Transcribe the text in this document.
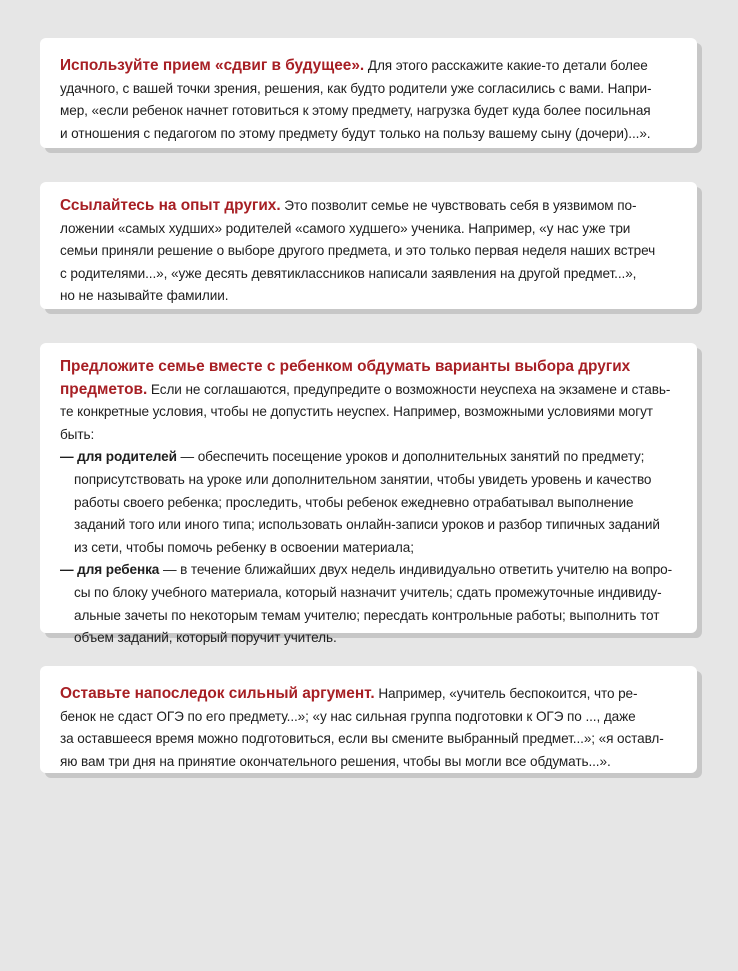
Используйте прием «сдвиг в будущее». Для этого расскажите какие-то детали более
удачного, с вашей точки зрения, решения, как будто родители уже согласились с вами. Напри-
мер, «если ребенок начнет готовиться к этому предмету, нагрузка будет куда более посильная
и отношения с педагогом по этому предмету будут только на пользу вашему сыну (дочери)...».

Ссылайтесь на опыт других. Это позволит семье не чувствовать себя в уязвимом по-
ложении «самых худших» родителей «самого худшего» ученика. Например, «у нас уже три
семьи приняли решение о выборе другого предмета, и это только первая неделя наших встреч
с родителями...», «уже десять девятиклассников написали заявления на другой предмет...»,
но не называйте фамилии.

Предложите семье вместе с ребенком обдумать варианты выбора других
предметов. Если не соглашаются, предупредите о возможности неуспеха на экзамене и ставь-
те конкретные условия, чтобы не допустить неуспех. Например, возможными условиями могут
быть:

— для родителей — обеспечить посещение уроков и дополнительных занятий по предмету;
поприсутствовать на уроке или дополнительном занятии, чтобы увидеть уровень и качество
работы своего ребенка; проследить, чтобы ребенок ежедневно отрабатывал выполнение
заданий того или иного типа; использовать онлайн-записи уроков и разбор типичных заданий
из сети, чтобы помочь ребенку в освоении материала;
— для ребенка — в течение ближайших двух недель индивидуально ответить учителю на вопро-
сы по блоку учебного материала, который назначит учитель; сдать промежуточные индивиду-
альные зачеты по некоторым темам учителю; пересдать контрольные работы; выполнить тот
объем заданий, который поручит учитель.

Оставьте напоследок сильный аргумент. Например, «учитель беспокоится, что ре-
бенок не сдаст ОГЭ по его предмету...»; «у нас сильная группа подготовки к ОГЭ по ..., даже
за оставшееся время можно подготовиться, если вы смените выбранный предмет...»; «я оставл-
яю вам три дня на принятие окончательного решения, чтобы вы могли все обдумать...».
